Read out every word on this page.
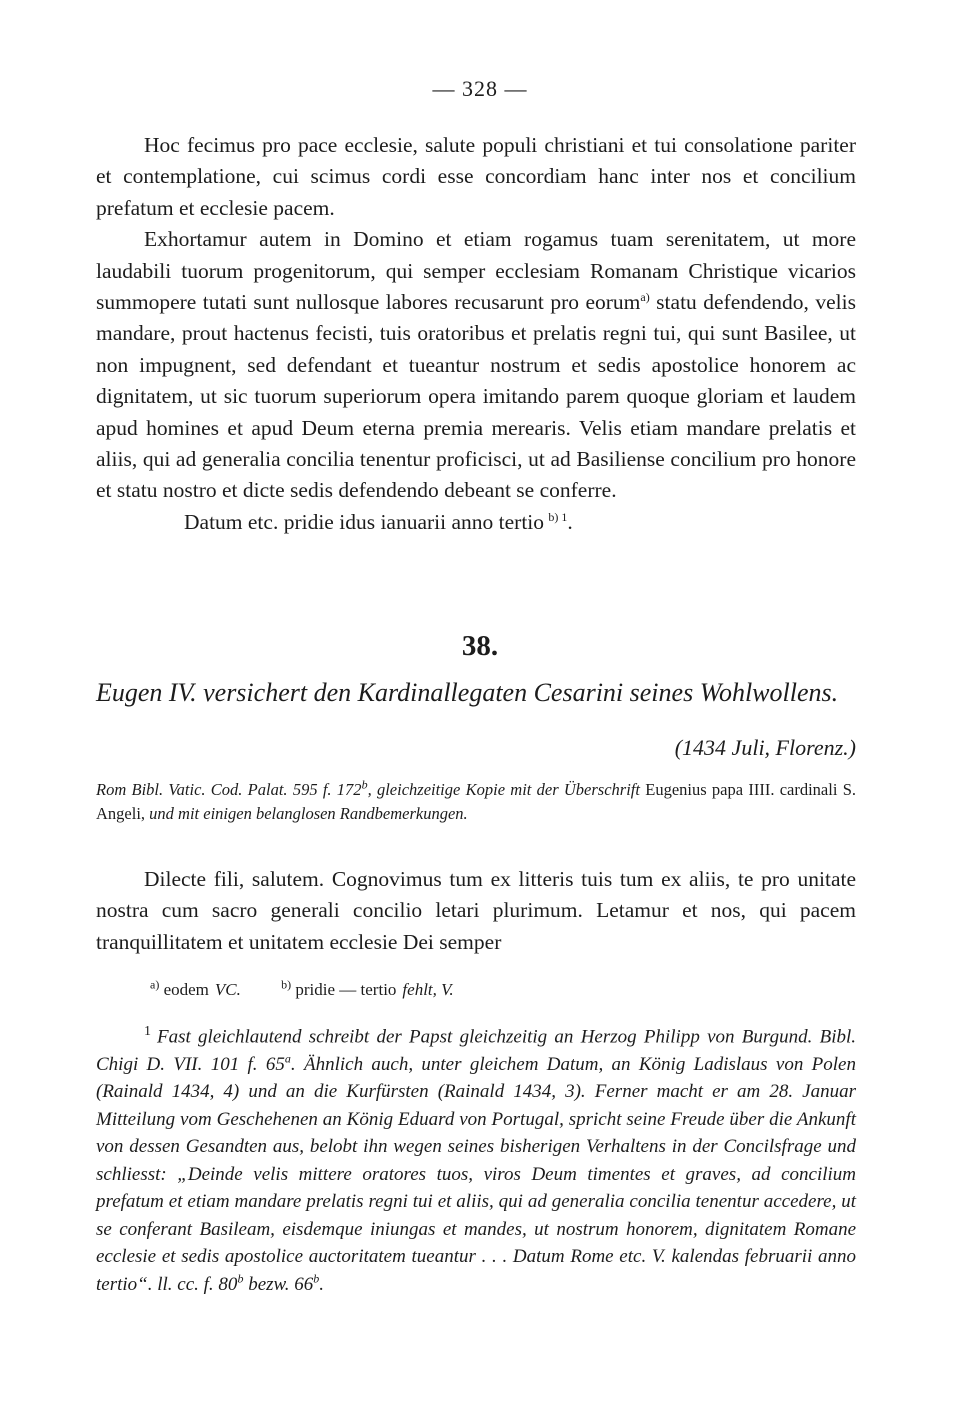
— 328 —

Hoc fecimus pro pace ecclesie, salute populi christiani et tui consolatione pariter et contemplatione, cui scimus cordi esse concordiam hanc inter nos et concilium prefatum et ecclesie pacem.

Exhortamur autem in Domino et etiam rogamus tuam serenitatem, ut more laudabili tuorum progenitorum, qui semper ecclesiam Romanam Christique vicarios summopere tutati sunt nullosque labores recusarunt pro eorum$^{a)}$ statu defendendo, velis mandare, prout hactenus fecisti, tuis oratoribus et prelatis regni tui, qui sunt Basilee, ut non impugnent, sed defendant et tueantur nostrum et sedis apostolice honorem ac dignitatem, ut sic tuorum superiorum opera imitando parem quoque gloriam et laudem apud homines et apud Deum eterna premia merearis. Velis etiam mandare prelatis et aliis, qui ad generalia concilia tenentur proficisci, ut ad Basiliense concilium pro honore et statu nostro et dicte sedis defendendo debeant se conferre.

Datum etc. pridie idus ianuarii anno tertio  $^{b) 1}$.

38.

Eugen IV. versichert den Kardinallegaten Cesarini seines Wohlwollens.

(1434 Juli, Florenz.)

Rom Bibl. Vatic. Cod. Palat. 595 f. 172$^b$, gleichzeitige Kopie mit der Überschrift Eugenius papa IIII. cardinali S. Angeli, und mit einigen belanglosen Randbemerkungen.

Dilecte fili, salutem. Cognovimus tum ex litteris tuis tum ex aliis, te pro unitate nostra cum sacro generali concilio letari plurimum. Letamur et nos, qui pacem tranquillitatem et unitatem ecclesie Dei semper

$^{a)}$ eodem VC.	$^{b)}$ pridie — tertio fehlt, V.

$^1$ Fast gleichlautend schreibt der Papst gleichzeitig an Herzog Philipp von Burgund. Bibl. Chigi D. VII. 101 f. 65$^a$. Ähnlich auch, unter gleichem Datum, an König Ladislaus von Polen (Rainald 1434, 4) und an die Kurfürsten (Rainald 1434, 3). Ferner macht er am 28. Januar Mitteilung vom Geschehenen an König Eduard von Portugal, spricht seine Freude über die Ankunft von dessen Gesandten aus, belobt ihn wegen seines bisherigen Verhaltens in der Concilsfrage und schliesst: „Deinde velis mittere oratores tuos, viros Deum timentes et graves, ad concilium prefatum et etiam mandare prelatis regni tui et aliis, qui ad generalia concilia tenentur accedere, ut se conferant Basileam, eisdemque iniungas et mandes, ut nostrum honorem, dignitatem Romane ecclesie et sedis apostolice auctoritatem tueantur . . . Datum Rome etc. V. kalendas februarii anno tertio“. ll. cc. f. 80$^b$ bezw. 66$^b$.
